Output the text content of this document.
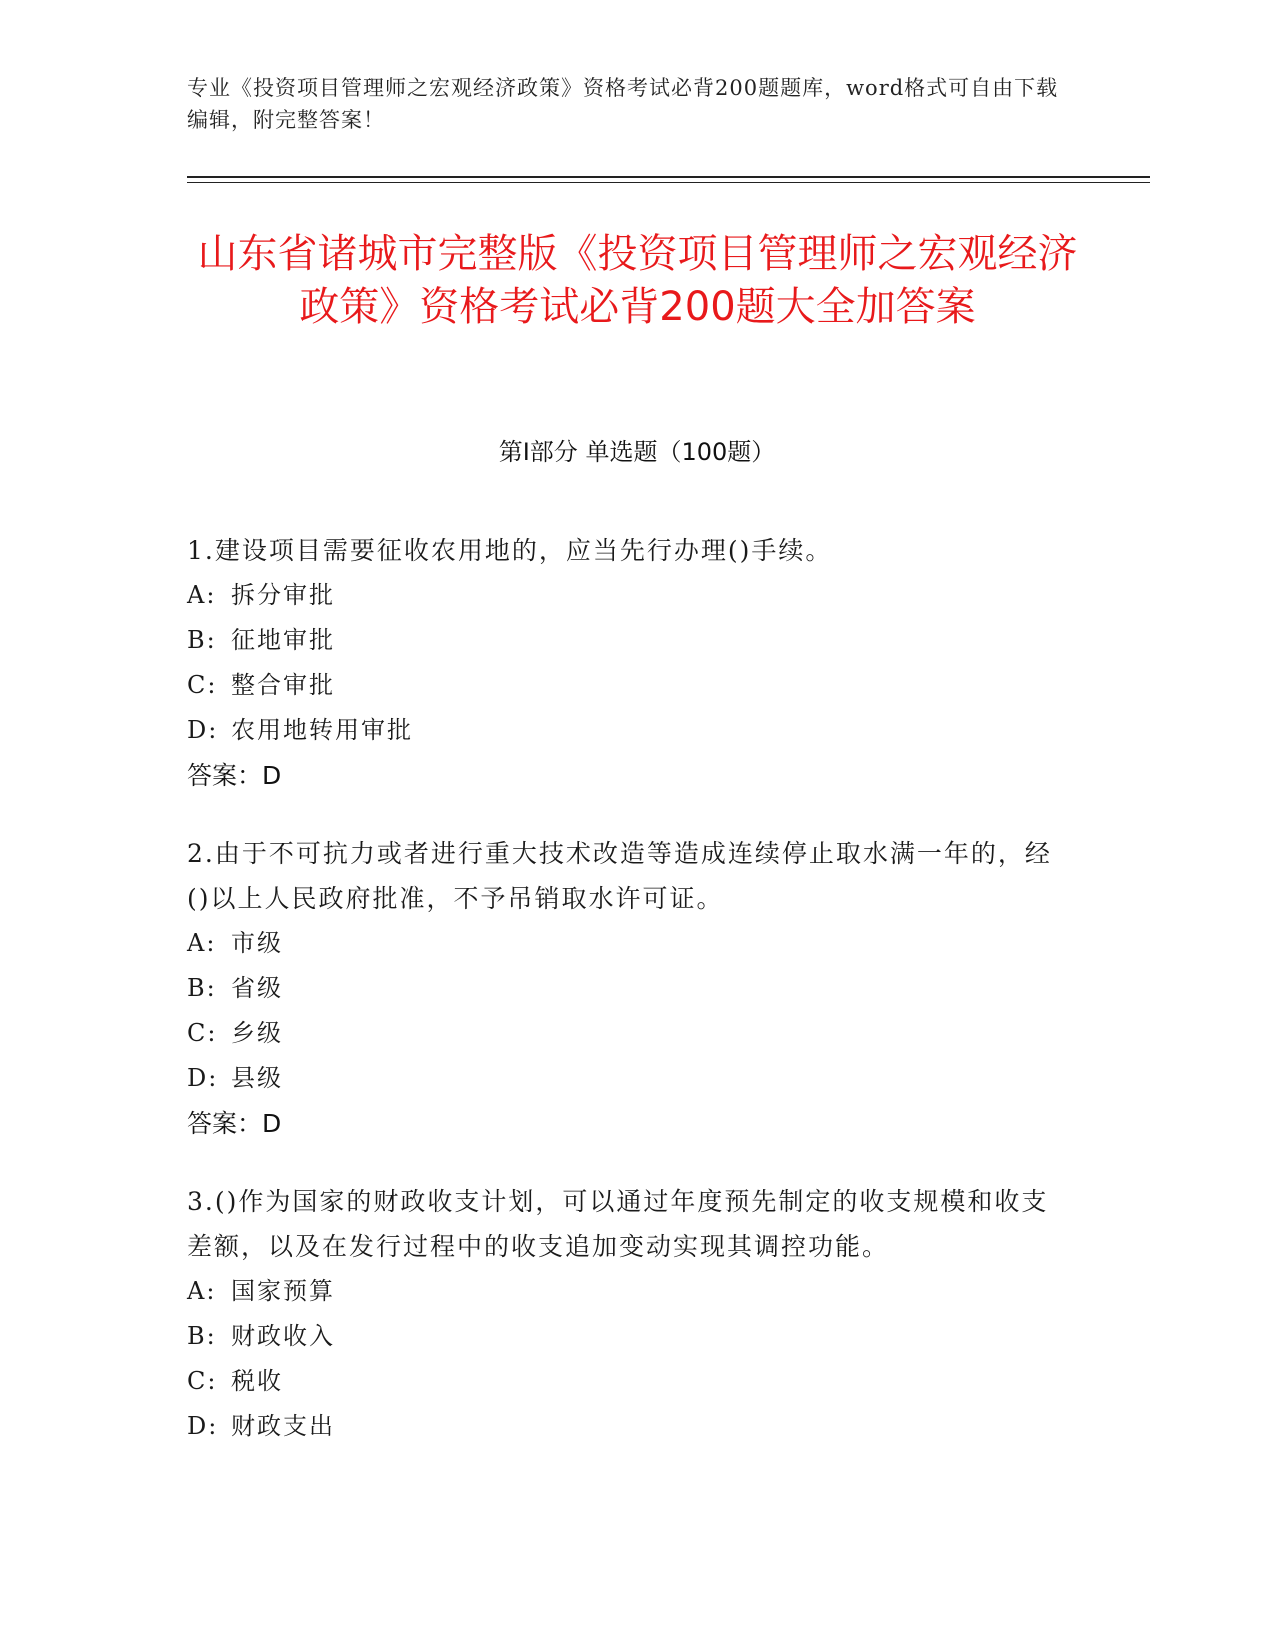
专业《投资项目管理师之宏观经济政策》资格考试必背200题题库，word格式可自由下载编辑，附完整答案！
山东省诸城市完整版《投资项目管理师之宏观经济政策》资格考试必背200题大全加答案
第I部分 单选题（100题）

1.建设项目需要征收农用地的，应当先行办理()手续。

A: 拆分审批

B: 征地审批

C: 整合审批

D: 农用地转用审批

答案：D

2.由于不可抗力或者进行重大技术改造等造成连续停止取水满一年的，经()以上人民政府批准，不予吊销取水许可证。

A: 市级

B: 省级

C: 乡级

D: 县级

答案：D

3.()作为国家的财政收支计划，可以通过年度预先制定的收支规模和收支差额，以及在发行过程中的收支追加变动实现其调控功能。

A: 国家预算

B: 财政收入

C: 税收

D: 财政支出
